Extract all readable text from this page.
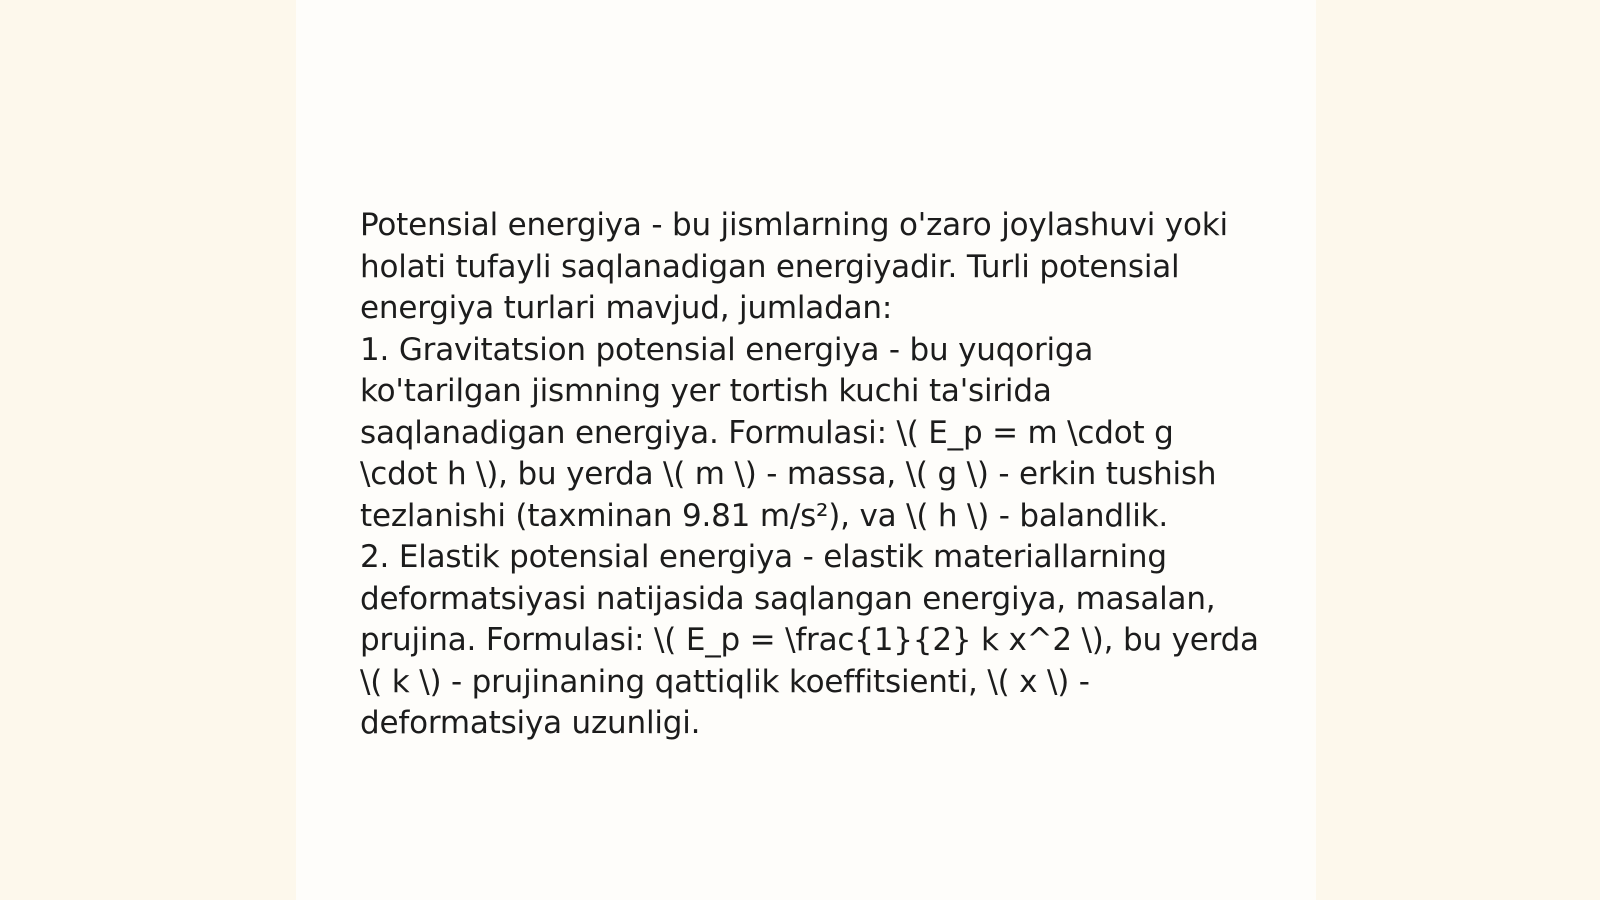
Potensial energiya - bu jismlarning o'zaro joylashuvi yoki holati tufayli saqlanadigan energiyadir. Turli potensial energiya turlari mavjud, jumladan:

1. Gravitatsion potensial energiya - bu yuqoriga ko'tarilgan jismning yer tortish kuchi ta'sirida saqlanadigan energiya. Formulasi: \( E_p = m \cdot g \cdot h \), bu yerda \( m \) - massa, \( g \) - erkin tushish tezlanishi (taxminan 9.81 m/s²), va \( h \) - balandlik.

2. Elastik potensial energiya - elastik materiallarning deformatsiyasi natijasida saqlangan energiya, masalan, prujina. Formulasi: \( E_p = \frac{1}{2} k x^2 \), bu yerda \( k \) - prujinaning qattiqlik koeffitsienti, \( x \) - deformatsiya uzunligi.
